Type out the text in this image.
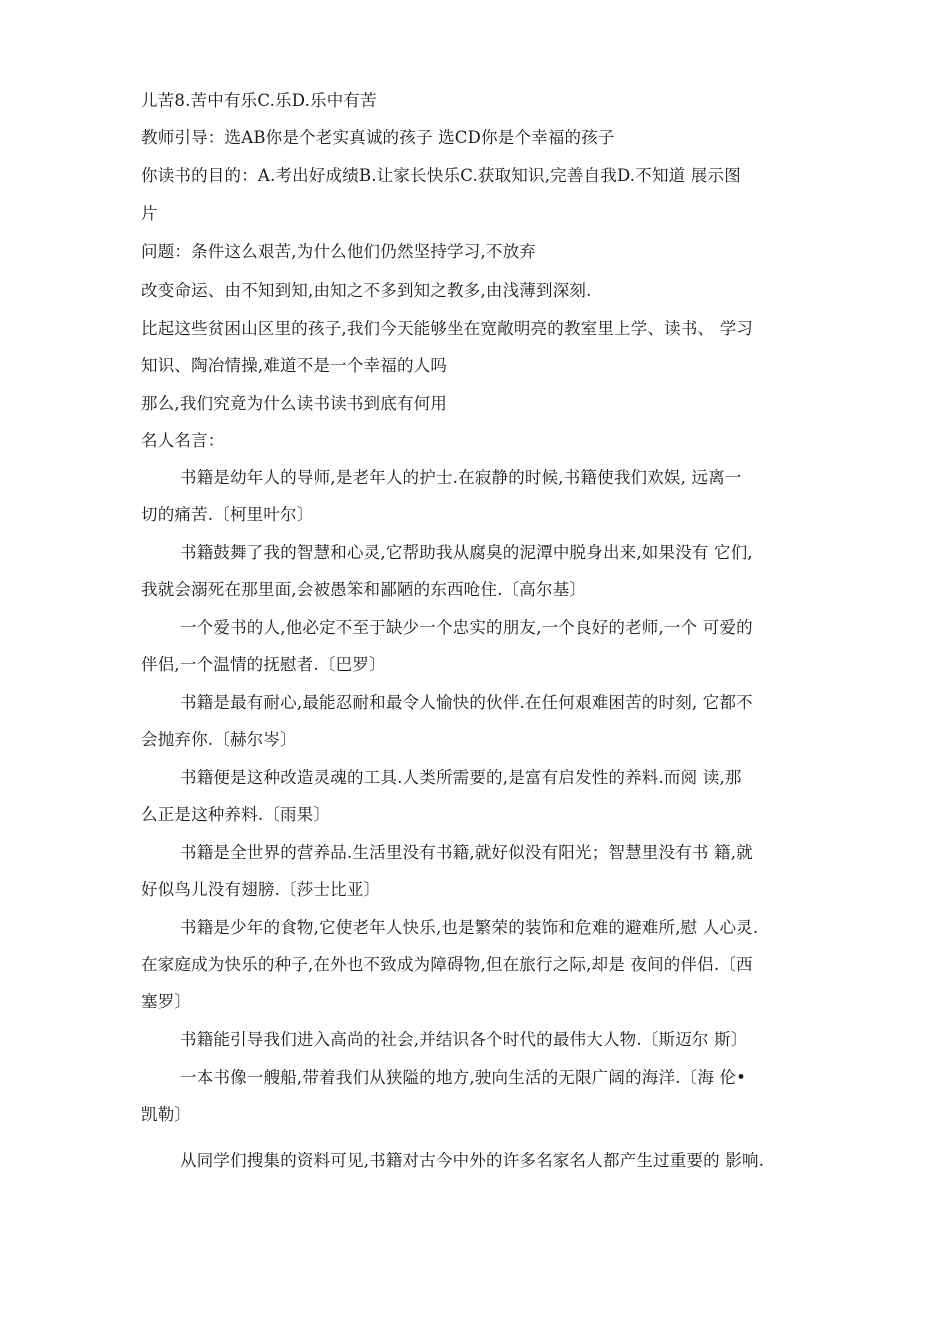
儿苦8.苦中有乐C.乐D.乐中有苦
教师引导：选AB你是个老实真诚的孩子 选CD你是个幸福的孩子
你读书的目的：A.考出好成绩B.让家长快乐C.获取知识,完善自我D.不知道 展示图
片
问题：条件这么艰苦,为什么他们仍然坚持学习,不放弃
改变命运、由不知到知,由知之不多到知之教多,由浅薄到深刻.
比起这些贫困山区里的孩子,我们今天能够坐在宽敞明亮的教室里上学、读书、 学习
知识、陶冶情操,难道不是一个幸福的人吗
那么,我们究竟为什么读书读书到底有何用
名人名言：
书籍是幼年人的导师,是老年人的护士.在寂静的时候,书籍使我们欢娱, 远离一
切的痛苦.〔柯里叶尔〕
书籍鼓舞了我的智慧和心灵,它帮助我从腐臭的泥潭中脱身出来,如果没有 它们,
我就会溺死在那里面,会被愚笨和鄙陋的东西呛住.〔高尔基〕
一个爱书的人,他必定不至于缺少一个忠实的朋友,一个良好的老师,一个 可爱的
伴侣,一个温情的抚慰者.〔巴罗〕
书籍是最有耐心,最能忍耐和最令人愉快的伙伴.在任何艰难困苦的时刻, 它都不
会抛弃你.〔赫尔岑〕
书籍便是这种改造灵魂的工具.人类所需要的,是富有启发性的养料.而阅 读,那
么正是这种养料.〔雨果〕
书籍是全世界的营养品.生活里没有书籍,就好似没有阳光；智慧里没有书 籍,就
好似鸟儿没有翅膀.〔莎士比亚〕
书籍是少年的食物,它使老年人快乐,也是繁荣的装饰和危难的避难所,慰 人心灵.
在家庭成为快乐的种子,在外也不致成为障碍物,但在旅行之际,却是 夜间的伴侣.〔西
塞罗〕
书籍能引导我们进入高尚的社会,并结识各个时代的最伟大人物.〔斯迈尔 斯〕
一本书像一艘船,带着我们从狭隘的地方,驶向生活的无限广阔的海洋.〔海 伦•
凯勒〕
从同学们搜集的资料可见,书籍对古今中外的许多名家名人都产生过重要的 影响.
